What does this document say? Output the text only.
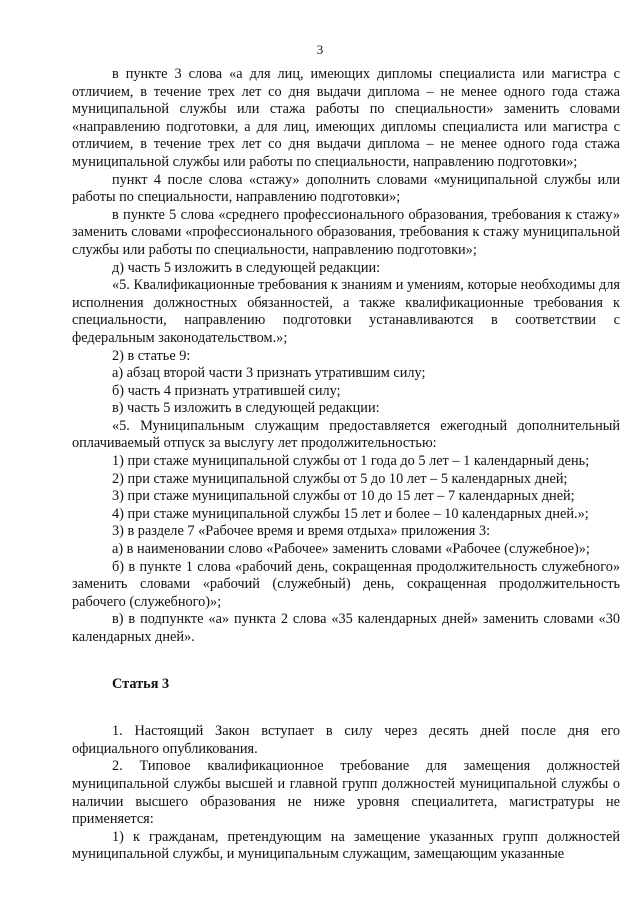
3

в пункте 3 слова «а для лиц, имеющих дипломы специалиста или магистра с отличием, в течение трех лет со дня выдачи диплома – не менее одного года стажа муниципальной службы или стажа работы по специальности» заменить словами «направлению подготовки, а для лиц, имеющих дипломы специалиста или магистра с отличием, в течение трех лет со дня выдачи диплома – не менее одного года стажа муниципальной службы или работы по специальности, направлению подготовки»;

пункт 4 после слова «стажу» дополнить словами «муниципальной службы или работы по специальности, направлению подготовки»;

в пункте 5 слова «среднего профессионального образования, требования к стажу» заменить словами «профессионального образования, требования к стажу муниципальной службы или работы по специальности, направлению подготовки»;

д) часть 5 изложить в следующей редакции:

«5. Квалификационные требования к знаниям и умениям, которые необходимы для исполнения должностных обязанностей, а также квалификационные требования к специальности, направлению подготовки устанавливаются в соответствии с федеральным законодательством.»;

2) в статье 9:

а) абзац второй части 3 признать утратившим силу;

б) часть 4 признать утратившей силу;

в) часть 5 изложить в следующей редакции:

«5. Муниципальным служащим предоставляется ежегодный дополнительный оплачиваемый отпуск за выслугу лет продолжительностью:

1) при стаже муниципальной службы от 1 года до 5 лет – 1 календарный день;

2) при стаже муниципальной службы от 5 до 10 лет – 5 календарных дней;

3) при стаже муниципальной службы от 10 до 15 лет – 7 календарных дней;

4) при стаже муниципальной службы 15 лет и более – 10 календарных дней.»;

3) в разделе 7 «Рабочее время и время отдыха» приложения 3:

а) в наименовании слово «Рабочее» заменить словами «Рабочее (служебное)»;

б) в пункте 1 слова «рабочий день, сокращенная продолжительность служебного» заменить словами «рабочий (служебный) день, сокращенная продолжительность рабочего (служебного)»;

в) в подпункте «а» пункта 2 слова «35 календарных дней» заменить словами «30 календарных дней».

Статья 3

1. Настоящий Закон вступает в силу через десять дней после дня его официального опубликования.

2. Типовое квалификационное требование для замещения должностей муниципальной службы высшей и главной групп должностей муниципальной службы о наличии высшего образования не ниже уровня специалитета, магистратуры не применяется:

1) к гражданам, претендующим на замещение указанных групп должностей муниципальной службы, и муниципальным служащим, замещающим указанные
